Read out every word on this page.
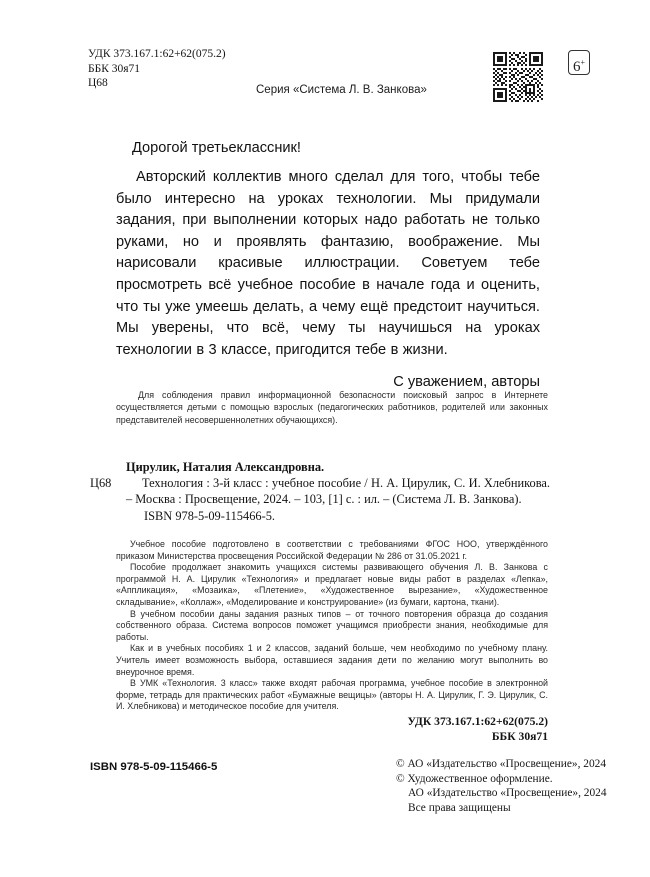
УДК 373.167.1:62+62(075.2)
ББК 30я71
Ц68
Серия «Система Л. В. Занкова»
6+
Дорогой третьеклассник!
Авторский коллектив много сделал для того, чтобы тебе было интересно на уроках технологии. Мы придумали задания, при выполнении которых надо работать не только руками, но и проявлять фантазию, воображение. Мы нарисовали красивые иллюстрации. Советуем тебе просмотреть всё учебное пособие в начале года и оценить, что ты уже умеешь делать, а чему ещё предстоит научиться. Мы уверены, что всё, чему ты научишься на уроках технологии в 3 классе, пригодится тебе в жизни.
С уважением, авторы
Для соблюдения правил информационной безопасности поисковый запрос в Интернете осуществляется детьми с помощью взрослых (педагогических работников, родителей или законных представителей несовершеннолетних обучающихся).
Цирулик, Наталия Александровна.
Ц68	Технология : 3-й класс : учебное пособие / Н. А. Цирулик, С. И. Хлебникова. – Москва : Просвещение, 2024. – 103, [1] с. : ил. – (Система Л. В. Занкова).
ISBN 978-5-09-115466-5.

Учебное пособие подготовлено в соответствии с требованиями ФГОС НОО, утверждённого приказом Министерства просвещения Российской Федерации № 286 от 31.05.2021 г.

Пособие продолжает знакомить учащихся системы развивающего обучения Л. В. Занкова с программой Н. А. Цирулик «Технология» и предлагает новые виды работ в разделах «Лепка», «Аппликация», «Мозаика», «Плетение», «Художественное вырезание», «Художественное складывание», «Коллаж», «Моделирование и конструирование» (из бумаги, картона, ткани).

В учебном пособии даны задания разных типов – от точного повторения образца до создания собственного образа. Система вопросов поможет учащимся приобрести знания, необходимые для работы.

Как и в учебных пособиях 1 и 2 классов, заданий больше, чем необходимо по учебному плану. Учитель имеет возможность выбора, оставшиеся задания дети по желанию могут выполнить во внеурочное время.

В УМК «Технология. 3 класс» также входят рабочая программа, учебное пособие в электронной форме, тетрадь для практических работ «Бумажные вещицы» (авторы Н. А. Цирулик, Г. Э. Цирулик, С. И. Хлебникова) и методическое пособие для учителя.

УДК 373.167.1:62+62(075.2)
ББК 30я71
ISBN 978-5-09-115466-5	© АО «Издательство «Просвещение», 2024
© Художественное оформление.
АО «Издательство «Просвещение», 2024
Все права защищены
